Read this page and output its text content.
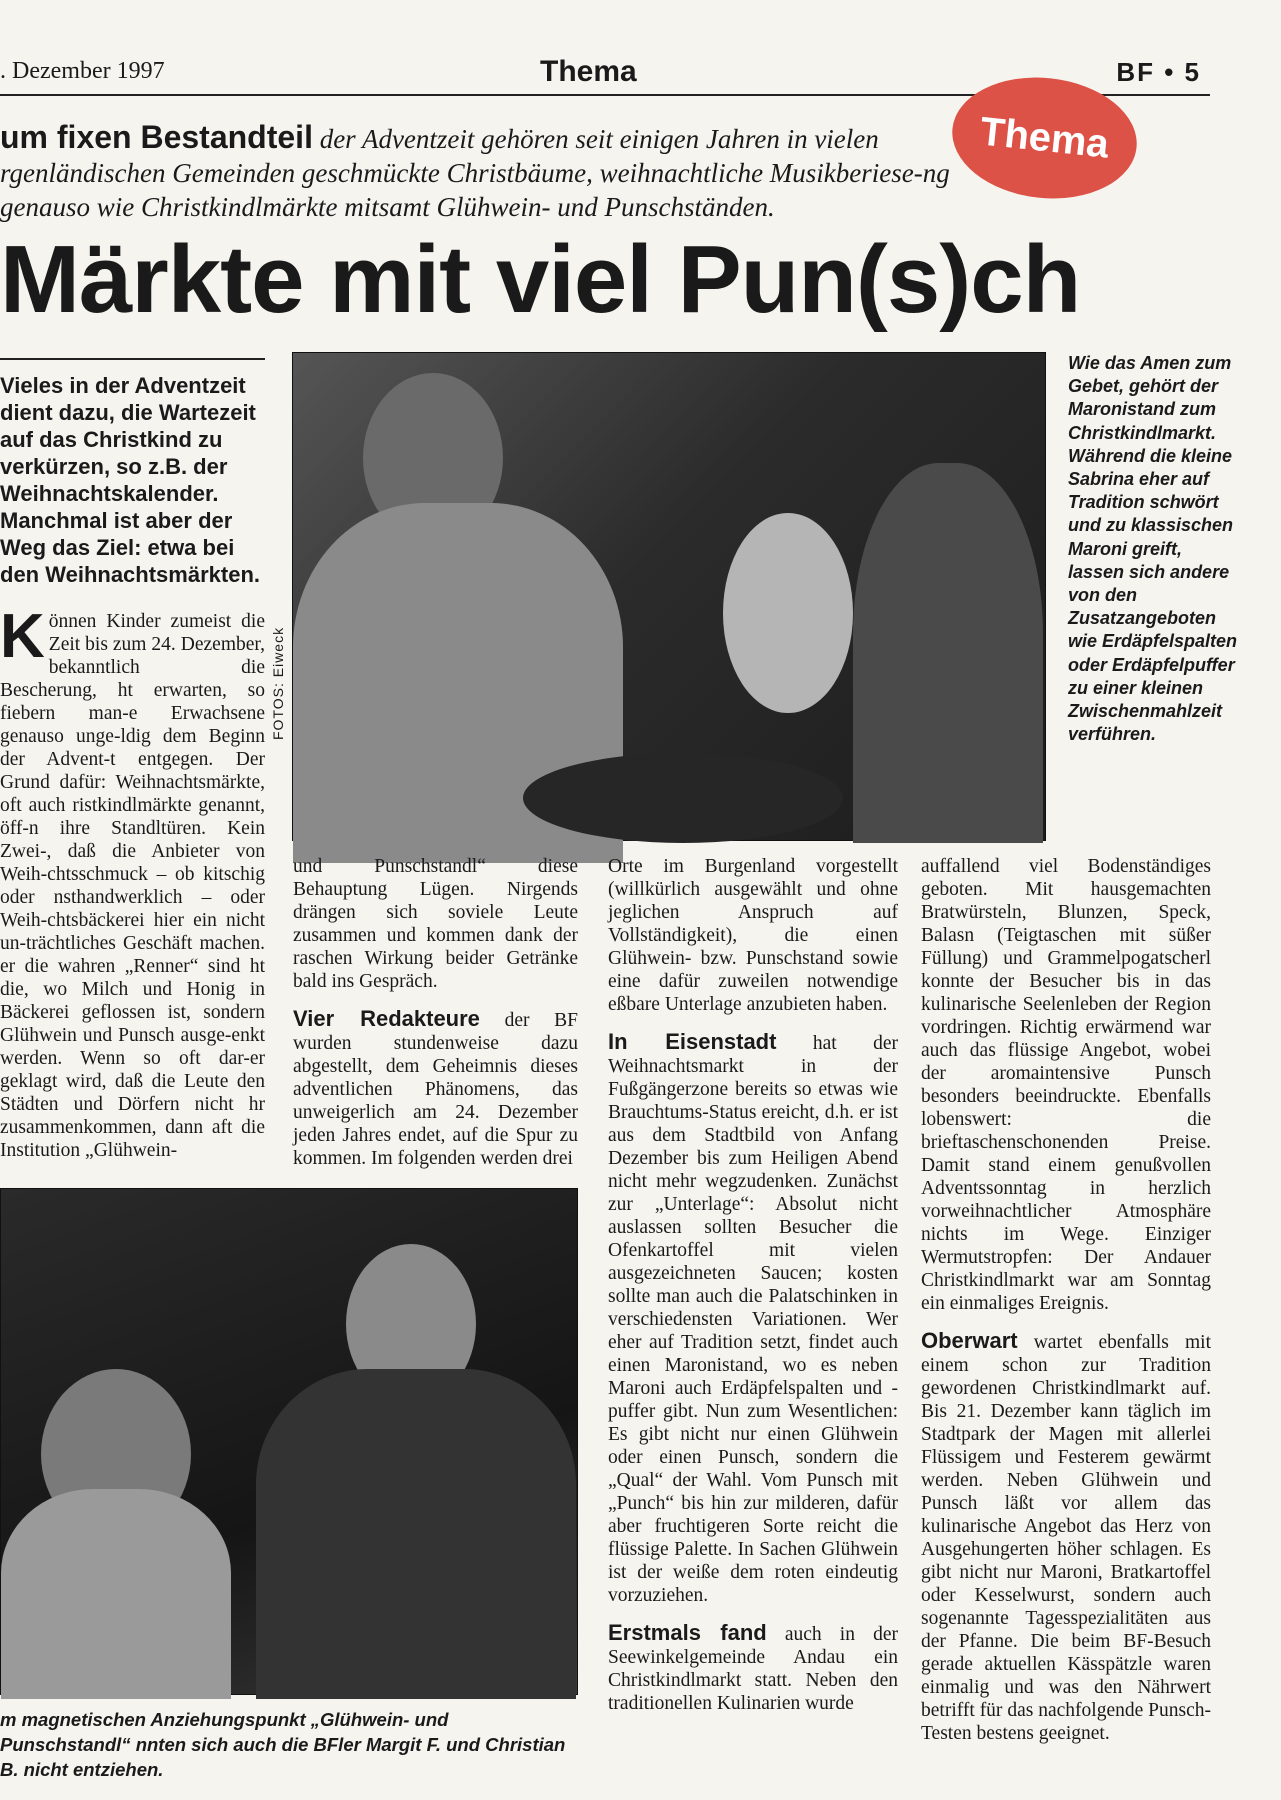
. Dezember 1997	Thema	BF • 5
Thema
um fixen Bestandteil der Adventzeit gehören seit einigen Jahren in vielen rgenländischen Gemeinden geschmückte Christbäume, weihnachtliche Musikberiese-ng genauso wie Christkindlmärkte mitsamt Glühwein- und Punschständen.
Märkte mit viel Pun(s)ch
Vieles in der Adventzeit dient dazu, die Wartezeit auf das Christkind zu verkürzen, so z.B. der Weihnachtskalender. Manchmal ist aber der Weg das Ziel: etwa bei den Weihnachtsmärkten.
FOTOS: Eiweck
Wie das Amen zum Gebet, gehört der Maronistand zum Christkindlmarkt. Während die kleine Sabrina eher auf Tradition schwört und zu klassischen Maroni greift, lassen sich andere von den Zusatzangeboten wie Erdäpfelspalten oder Erdäpfelpuffer zu einer kleinen Zwischenmahlzeit verführen.
Können Kinder zumeist die Zeit bis zum 24. Dezember, bekanntlich die Bescherung, ht erwarten, so fiebern man-e Erwachsene genauso unge-ldig dem Beginn der Advent-t entgegen. Der Grund dafür: Weihnachtsmärkte, oft auch ristkindlmärkte genannt, öff-n ihre Standltüren. Kein Zwei-, daß die Anbieter von Weih-chtsschmuck – ob kitschig oder nsthandwerklich – oder Weih-chtsbäckerei hier ein nicht un-trächtliches Geschäft machen. er die wahren „Renner“ sind ht die, wo Milch und Honig in Bäckerei geflossen ist, sondern Glühwein und Punsch ausge-enkt werden. Wenn so oft dar-er geklagt wird, daß die Leute den Städten und Dörfern nicht hr zusammenkommen, dann aft die Institution „Glühwein-
m magnetischen Anziehungspunkt „Glühwein- und Punschstandl“ nnten sich auch die BFler Margit F. und Christian B. nicht entziehen.

und Punschstandl“ diese Behauptung Lügen. Nirgends drängen sich soviele Leute zusammen und kommen dank der raschen Wirkung beider Getränke bald ins Gespräch.

Vier Redakteure der BF wurden stundenweise dazu abgestellt, dem Geheimnis dieses adventlichen Phänomens, das unweigerlich am 24. Dezember jeden Jahres endet, auf die Spur zu kommen. Im folgenden werden drei

Orte im Burgenland vorgestellt (willkürlich ausgewählt und ohne jeglichen Anspruch auf Vollständigkeit), die einen Glühwein- bzw. Punschstand sowie eine dafür zuweilen notwendige eßbare Unterlage anzubieten haben.

In Eisenstadt hat der Weihnachtsmarkt in der Fußgängerzone bereits so etwas wie Brauchtums-Status ereicht, d.h. er ist aus dem Stadtbild von Anfang Dezember bis zum Heiligen Abend nicht mehr wegzudenken. Zunächst zur „Unterlage“: Absolut nicht auslassen sollten Besucher die Ofenkartoffel mit vielen ausgezeichneten Saucen; kosten sollte man auch die Palatschinken in verschiedensten Variationen. Wer eher auf Tradition setzt, findet auch einen Maronistand, wo es neben Maroni auch Erdäpfelspalten und -puffer gibt. Nun zum Wesentlichen: Es gibt nicht nur einen Glühwein oder einen Punsch, sondern die „Qual“ der Wahl. Vom Punsch mit „Punch“ bis hin zur milderen, dafür aber fruchtigeren Sorte reicht die flüssige Palette. In Sachen Glühwein ist der weiße dem roten eindeutig vorzuziehen.

Erstmals fand auch in der Seewinkelgemeinde Andau ein Christkindlmarkt statt. Neben den traditionellen Kulinarien wurde

auffallend viel Bodenständiges geboten. Mit hausgemachten Bratwürsteln, Blunzen, Speck, Balasn (Teigtaschen mit süßer Füllung) und Grammelpogatscherl konnte der Besucher bis in das kulinarische Seelenleben der Region vordringen. Richtig erwärmend war auch das flüssige Angebot, wobei der aromaintensive Punsch besonders beeindruckte. Ebenfalls lobenswert: die brieftaschenschonenden Preise. Damit stand einem genußvollen Adventssonntag in herzlich vorweihnachtlicher Atmosphäre nichts im Wege. Einziger Wermutstropfen: Der Andauer Christkindlmarkt war am Sonntag ein einmaliges Ereignis.

Oberwart wartet ebenfalls mit einem schon zur Tradition gewordenen Christkindlmarkt auf. Bis 21. Dezember kann täglich im Stadtpark der Magen mit allerlei Flüssigem und Festerem gewärmt werden. Neben Glühwein und Punsch läßt vor allem das kulinarische Angebot das Herz von Ausgehungerten höher schlagen. Es gibt nicht nur Maroni, Bratkartoffel oder Kesselwurst, sondern auch sogenannte Tagesspezialitäten aus der Pfanne. Die beim BF-Besuch gerade aktuellen Kässpätzle waren einmalig und was den Nährwert betrifft für das nachfolgende Punsch-Testen bestens geeignet.
